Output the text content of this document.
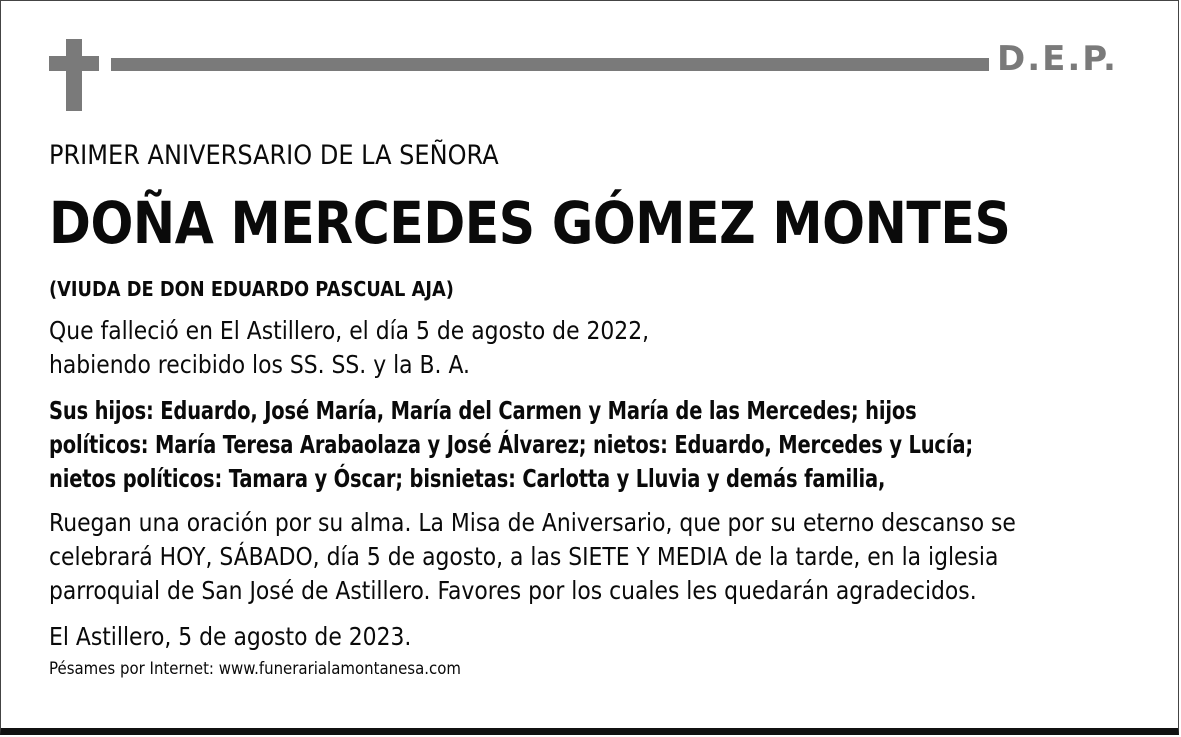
D.E.P.

PRIMER ANIVERSARIO DE LA SEÑORA

DOÑA MERCEDES GÓMEZ MONTES

(VIUDA DE DON EDUARDO PASCUAL AJA)

Que falleció en El Astillero, el día 5 de agosto de 2022,
habiendo recibido los SS. SS. y la B. A.

Sus hijos: Eduardo, José María, María del Carmen y María de las Mercedes; hijos
políticos: María Teresa Arabaolaza y José Álvarez; nietos: Eduardo, Mercedes y Lucía;
nietos políticos: Tamara y Óscar; bisnietas: Carlotta y Lluvia y demás familia,

Ruegan una oración por su alma. La Misa de Aniversario, que por su eterno descanso se
celebrará HOY, SÁBADO, día 5 de agosto, a las SIETE Y MEDIA de la tarde, en la iglesia
parroquial de San José de Astillero. Favores por los cuales les quedarán agradecidos.

El Astillero, 5 de agosto de 2023.

Pésames por Internet: www.funerarialamontanesa.com
